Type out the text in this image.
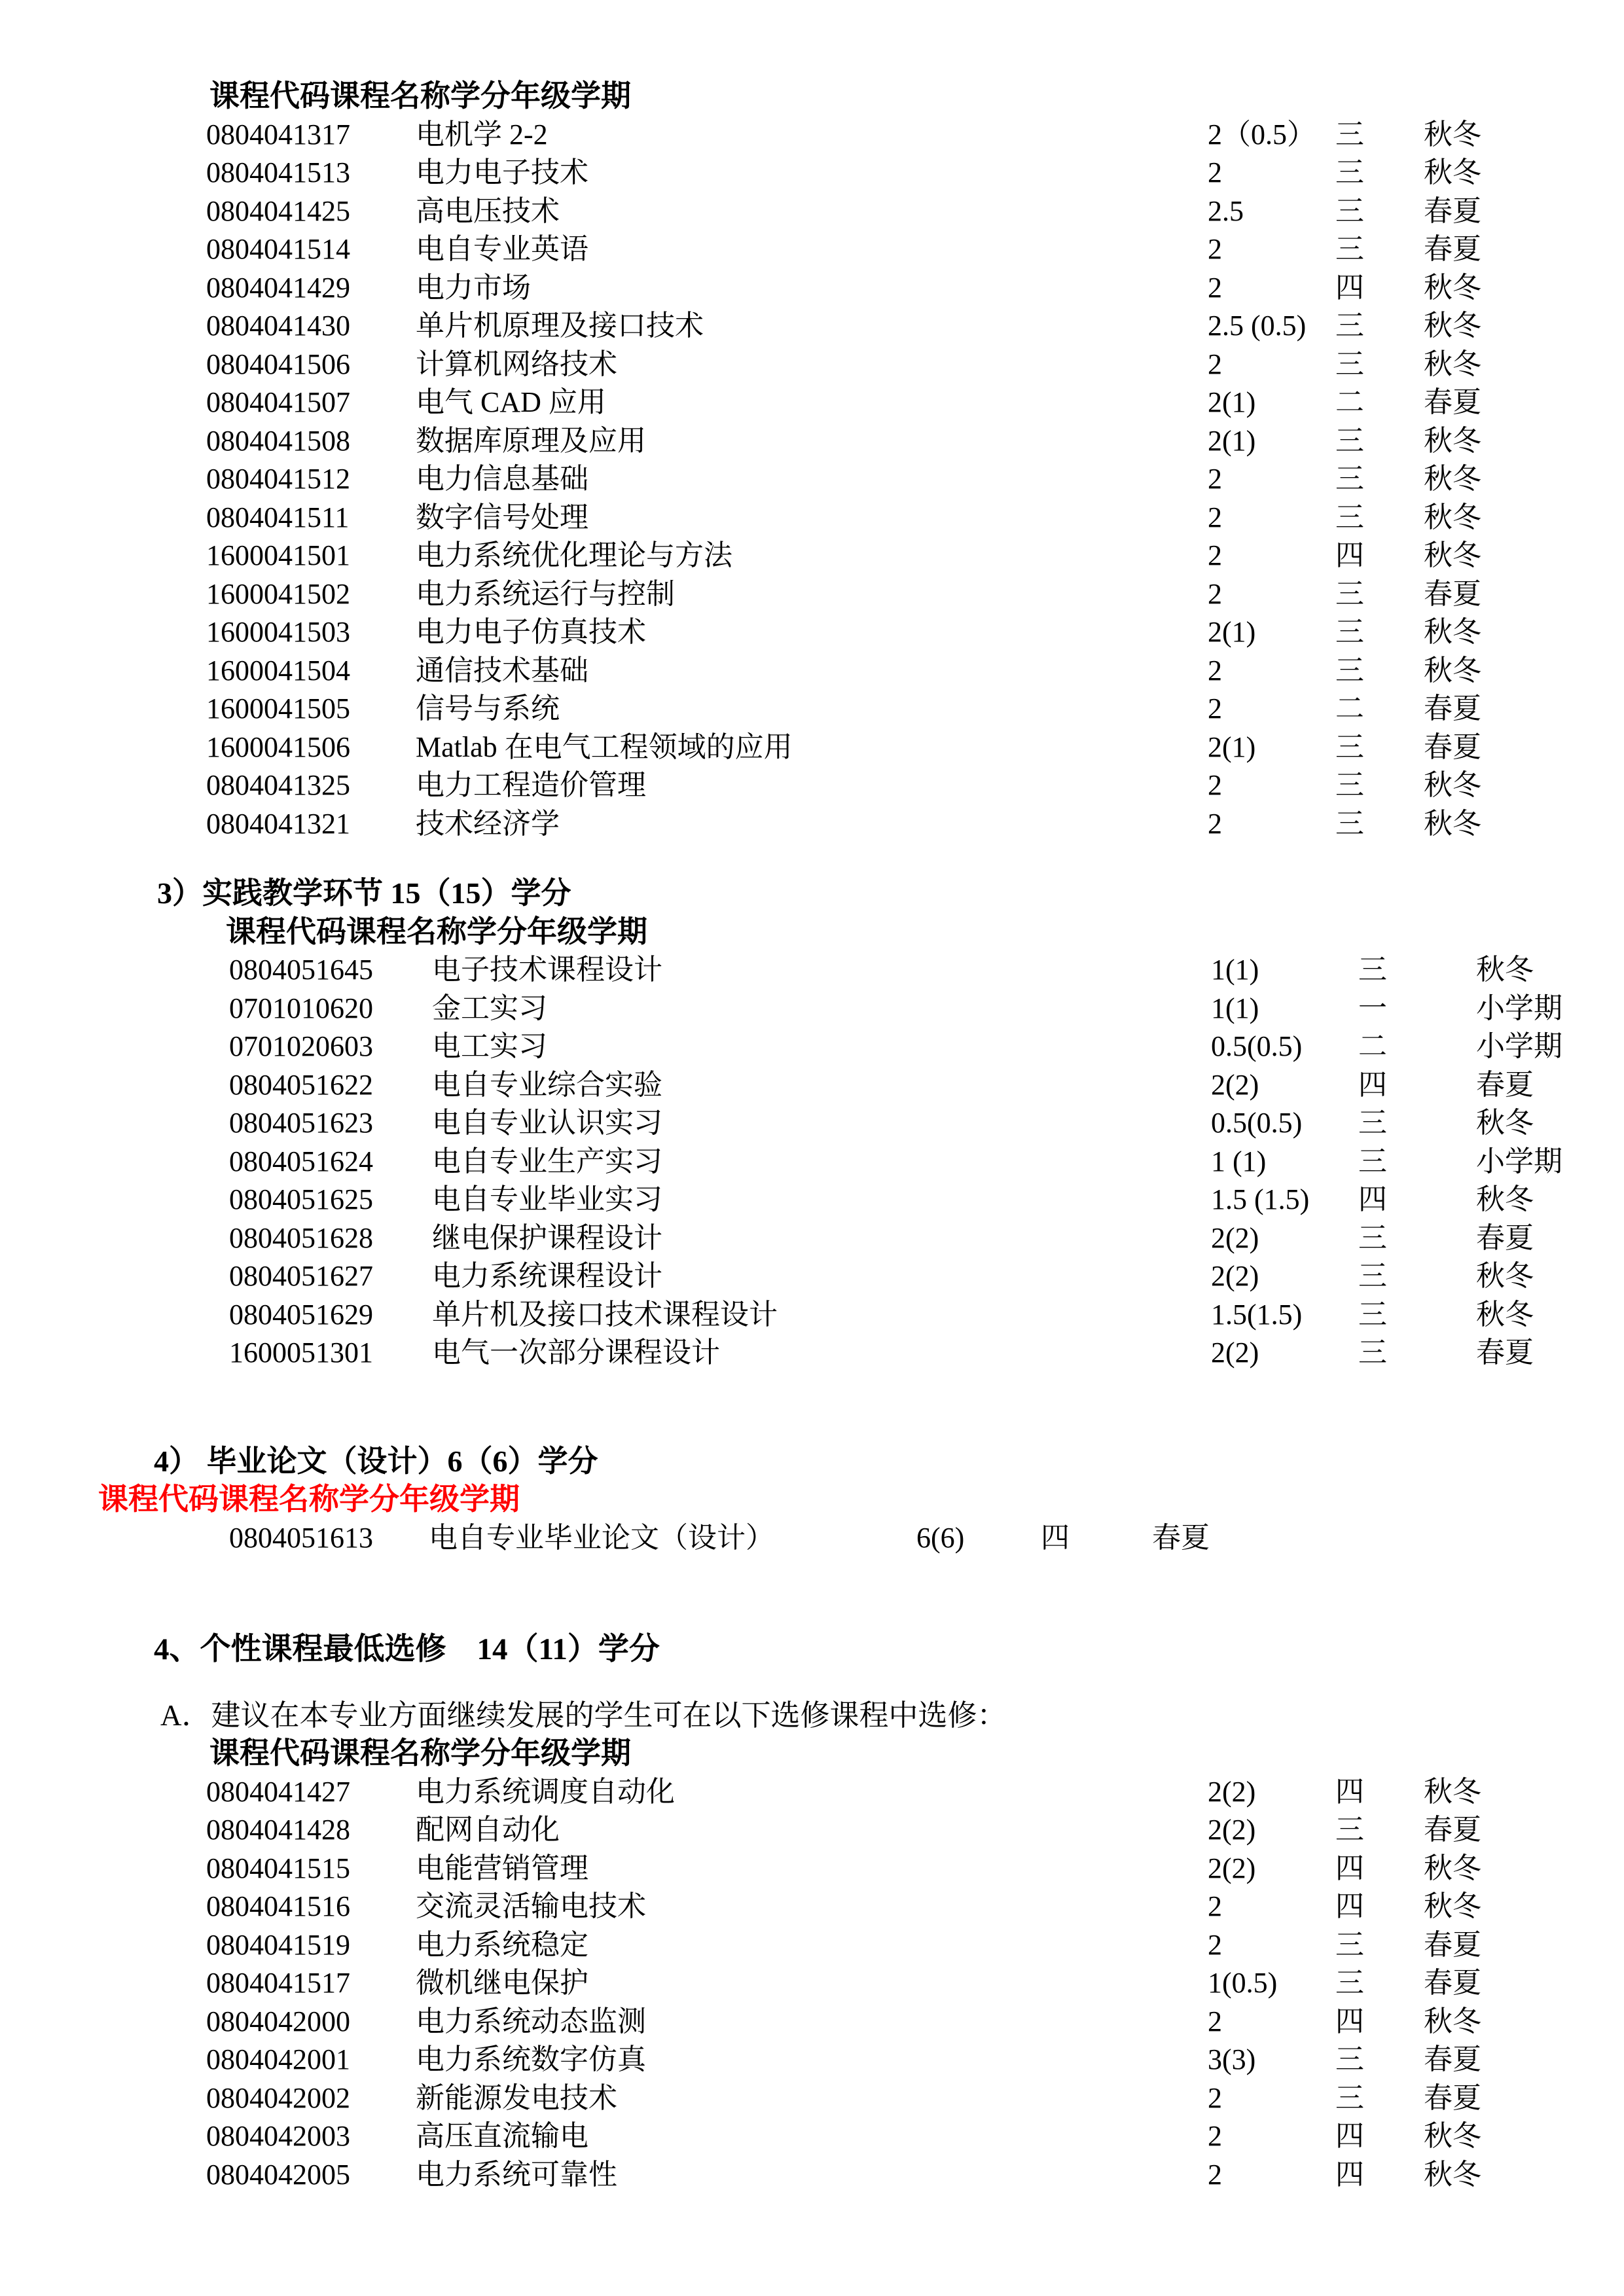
课程代码课程名称学分年级学期
0804041317	电机学 2-2	2（0.5） 三	秋冬
0804041513	电力电子技术	2	三	秋冬
0804041425	高电压技术	2.5	三	春夏
0804041514	电自专业英语	2	三	春夏
0804041429	电力市场	2	四	秋冬
0804041430	单片机原理及接口技术	2.5 (0.5)	三	秋冬
0804041506	计算机网络技术	2	三	秋冬
0804041507	电气 CAD 应用	2(1)	二	春夏
0804041508	数据库原理及应用	2(1)	三	秋冬
0804041512	电力信息基础	2	三	秋冬
0804041511	数字信号处理	2	三	秋冬
1600041501	电力系统优化理论与方法	2	四	秋冬
1600041502	电力系统运行与控制	2	三	春夏
1600041503	电力电子仿真技术	2(1)	三	秋冬
1600041504	通信技术基础	2	三	秋冬
1600041505	信号与系统	2	二	春夏
1600041506	Matlab 在电气工程领域的应用	2(1)	三	春夏
0804041325	电力工程造价管理	2	三	秋冬
0804041321	技术经济学	2	三	秋冬
3）实践教学环节 15（15）学分
课程代码课程名称学分年级学期
0804051645	电子技术课程设计	1(1)	三	秋冬
0701010620	金工实习	1(1)	一	小学期
0701020603	电工实习	0.5(0.5)	二	小学期
0804051622	电自专业综合实验	2(2)	四	春夏
0804051623	电自专业认识实习	0.5(0.5)	三	秋冬
0804051624	电自专业生产实习	1 (1)	三	小学期
0804051625	电自专业毕业实习	1.5 (1.5)	四	秋冬
0804051628	继电保护课程设计	2(2)	三	春夏
0804051627	电力系统课程设计	2(2)	三	秋冬
0804051629	单片机及接口技术课程设计	1.5(1.5)	三	秋冬
1600051301	电气一次部分课程设计	2(2)	三	春夏
4） 毕业论文（设计）6（6）学分
课程代码课程名称学分年级学期
0804051613	电自专业毕业论文（设计）	6(6)	四	春夏
4、个性课程最低选修　14（11）学分
A．建议在本专业方面继续发展的学生可在以下选修课程中选修：
课程代码课程名称学分年级学期
0804041427	电力系统调度自动化	2(2)	四	秋冬
0804041428	配网自动化	2(2)	三	春夏
0804041515	电能营销管理	2(2)	四	秋冬
0804041516	交流灵活输电技术	2	四	秋冬
0804041519	电力系统稳定	2	三	春夏
0804041517	微机继电保护	1(0.5)	三	春夏
0804042000	电力系统动态监测	2	四	秋冬
0804042001	电力系统数字仿真	3(3)	三	春夏
0804042002	新能源发电技术	2	三	春夏
0804042003	高压直流输电	2	四	秋冬
0804042005	电力系统可靠性	2	四	秋冬
